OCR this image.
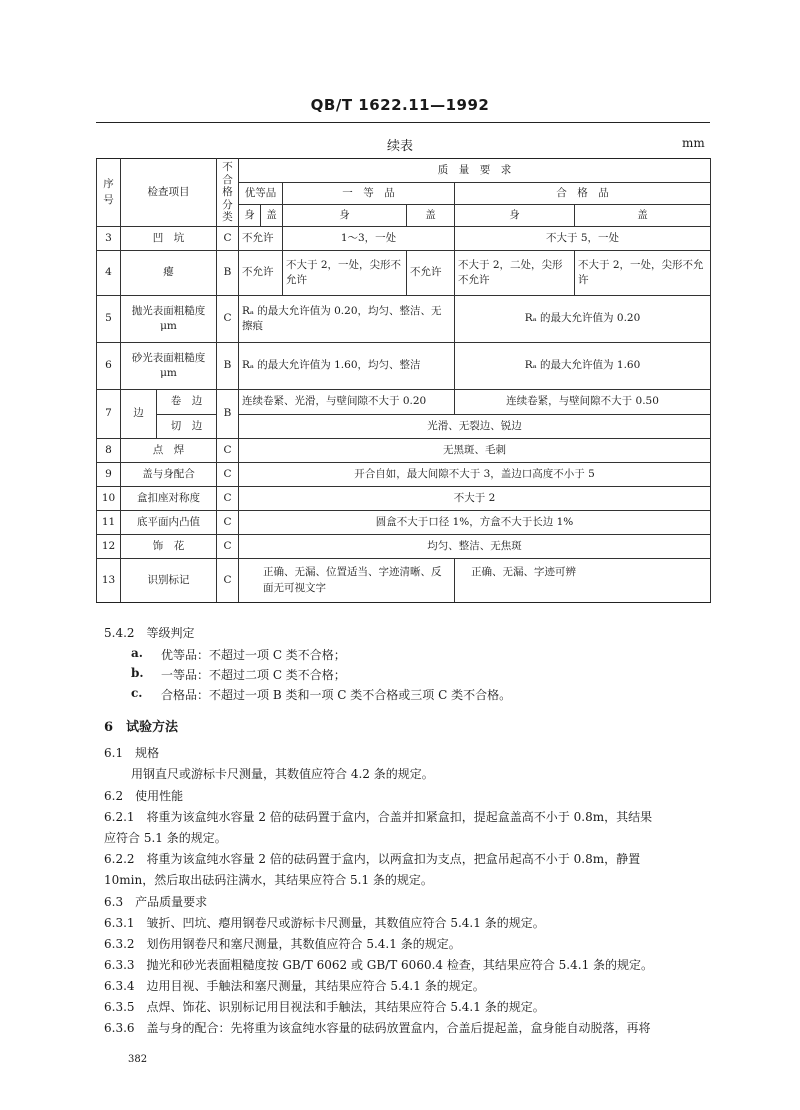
QB/T 1622.11—1992
续表	mm
序号	检查项目		不合格分类	质　量　要　求					
				优等品		一　等　品		合　格　品	
				身	盖	身	盖	身	盖
3	凹　坑		C	不允许		1～3，一处		不大于 5，一处	
4	瘪		B	不允许		不大于 2，一处，尖形不允许	不允许	不大于 2，二处，尖形不允许	不大于 2，一处，尖形不允许
5	抛光表面粗糙度μm		C	Rₐ 的最大允许值为 0.20，均匀、整洁、无擦痕				Rₐ 的最大允许值为 0.20	
6	砂光表面粗糙度μm		B	Rₐ 的最大允许值为 1.60，均匀、整洁				Rₐ 的最大允许值为 1.60	
7	边	卷　边	B	连续卷紧、光滑，与壁间隙不大于 0.20				连续卷紧，与壁间隙不大于 0.50	
		切　边		光滑、无裂边、锐边					
8	点　焊		C	无黑斑、毛刺					
9	盖与身配合		C	开合自如，最大间隙不大于 3，盖边口高度不小于 5					
10	盒扣座对称度		C	不大于 2					
11	底平面内凸值		C	圆盒不大于口径 1%，方盒不大于长边 1%					
12	饰　花		C	均匀、整洁、无焦斑					
13	识别标记		C	正确、无漏、位置适当、字迹清晰、反面无可视文字				正确、无漏、字迹可辨	
5.4.2　等级判定
a. 优等品：不超过一项 C 类不合格；
b. 一等品：不超过二项 C 类不合格；
c. 合格品：不超过一项 B 类和一项 C 类不合格或三项 C 类不合格。
6　试验方法
6.1　规格
用钢直尺或游标卡尺测量，其数值应符合 4.2 条的规定。
6.2　使用性能
6.2.1　将重为该盒纯水容量 2 倍的砝码置于盒内，合盖并扣紧盒扣，提起盒盖高不小于 0.8m，其结果
应符合 5.1 条的规定。
6.2.2　将重为该盒纯水容量 2 倍的砝码置于盒内，以两盒扣为支点，把盒吊起高不小于 0.8m，静置
10min，然后取出砝码注满水，其结果应符合 5.1 条的规定。
6.3　产品质量要求
6.3.1　皱折、凹坑、瘪用钢卷尺或游标卡尺测量，其数值应符合 5.4.1 条的规定。
6.3.2　划伤用钢卷尺和塞尺测量，其数值应符合 5.4.1 条的规定。
6.3.3　抛光和砂光表面粗糙度按 GB/T 6062 或 GB/T 6060.4 检查，其结果应符合 5.4.1 条的规定。
6.3.4　边用目视、手触法和塞尺测量，其结果应符合 5.4.1 条的规定。
6.3.5　点焊、饰花、识别标记用目视法和手触法，其结果应符合 5.4.1 条的规定。
6.3.6　盖与身的配合：先将重为该盒纯水容量的砝码放置盒内，合盖后提起盖，盒身能自动脱落，再将
382
